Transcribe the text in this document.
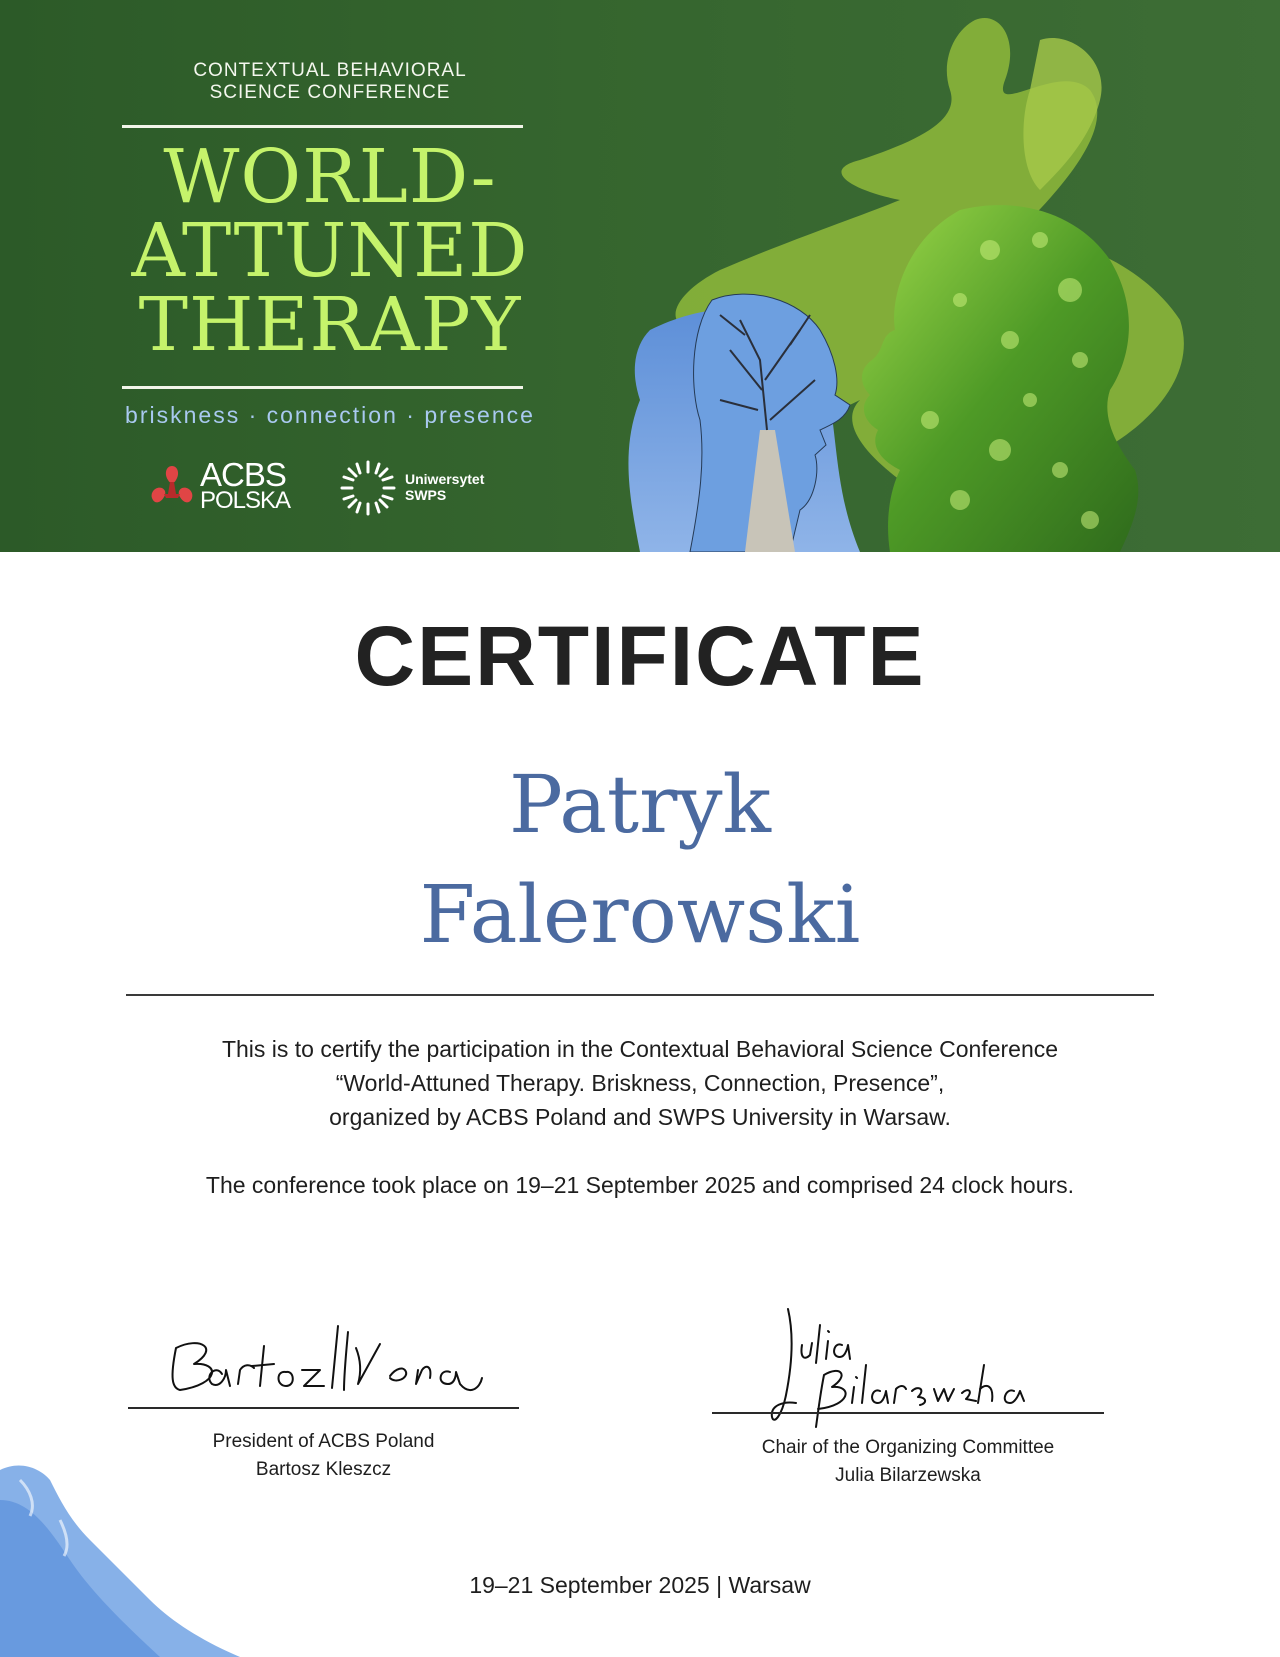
CONTEXTUAL BEHAVIORAL
SCIENCE CONFERENCE
WORLD-
ATTUNED
THERAPY
briskness · connection · presence
ACBS
POLSKA
Uniwersytet
SWPS
CERTIFICATE
Patryk
Falerowski
This is to certify the participation in the Contextual Behavioral Science Conference
“World-Attuned Therapy. Briskness, Connection, Presence”,
organized by ACBS Poland and SWPS University in Warsaw.
The conference took place on 19–21 September 2025 and comprised 24 clock hours.
President of ACBS Poland
Bartosz Kleszcz
Chair of the Organizing Committee
Julia Bilarzewska
19–21 September 2025 | Warsaw
